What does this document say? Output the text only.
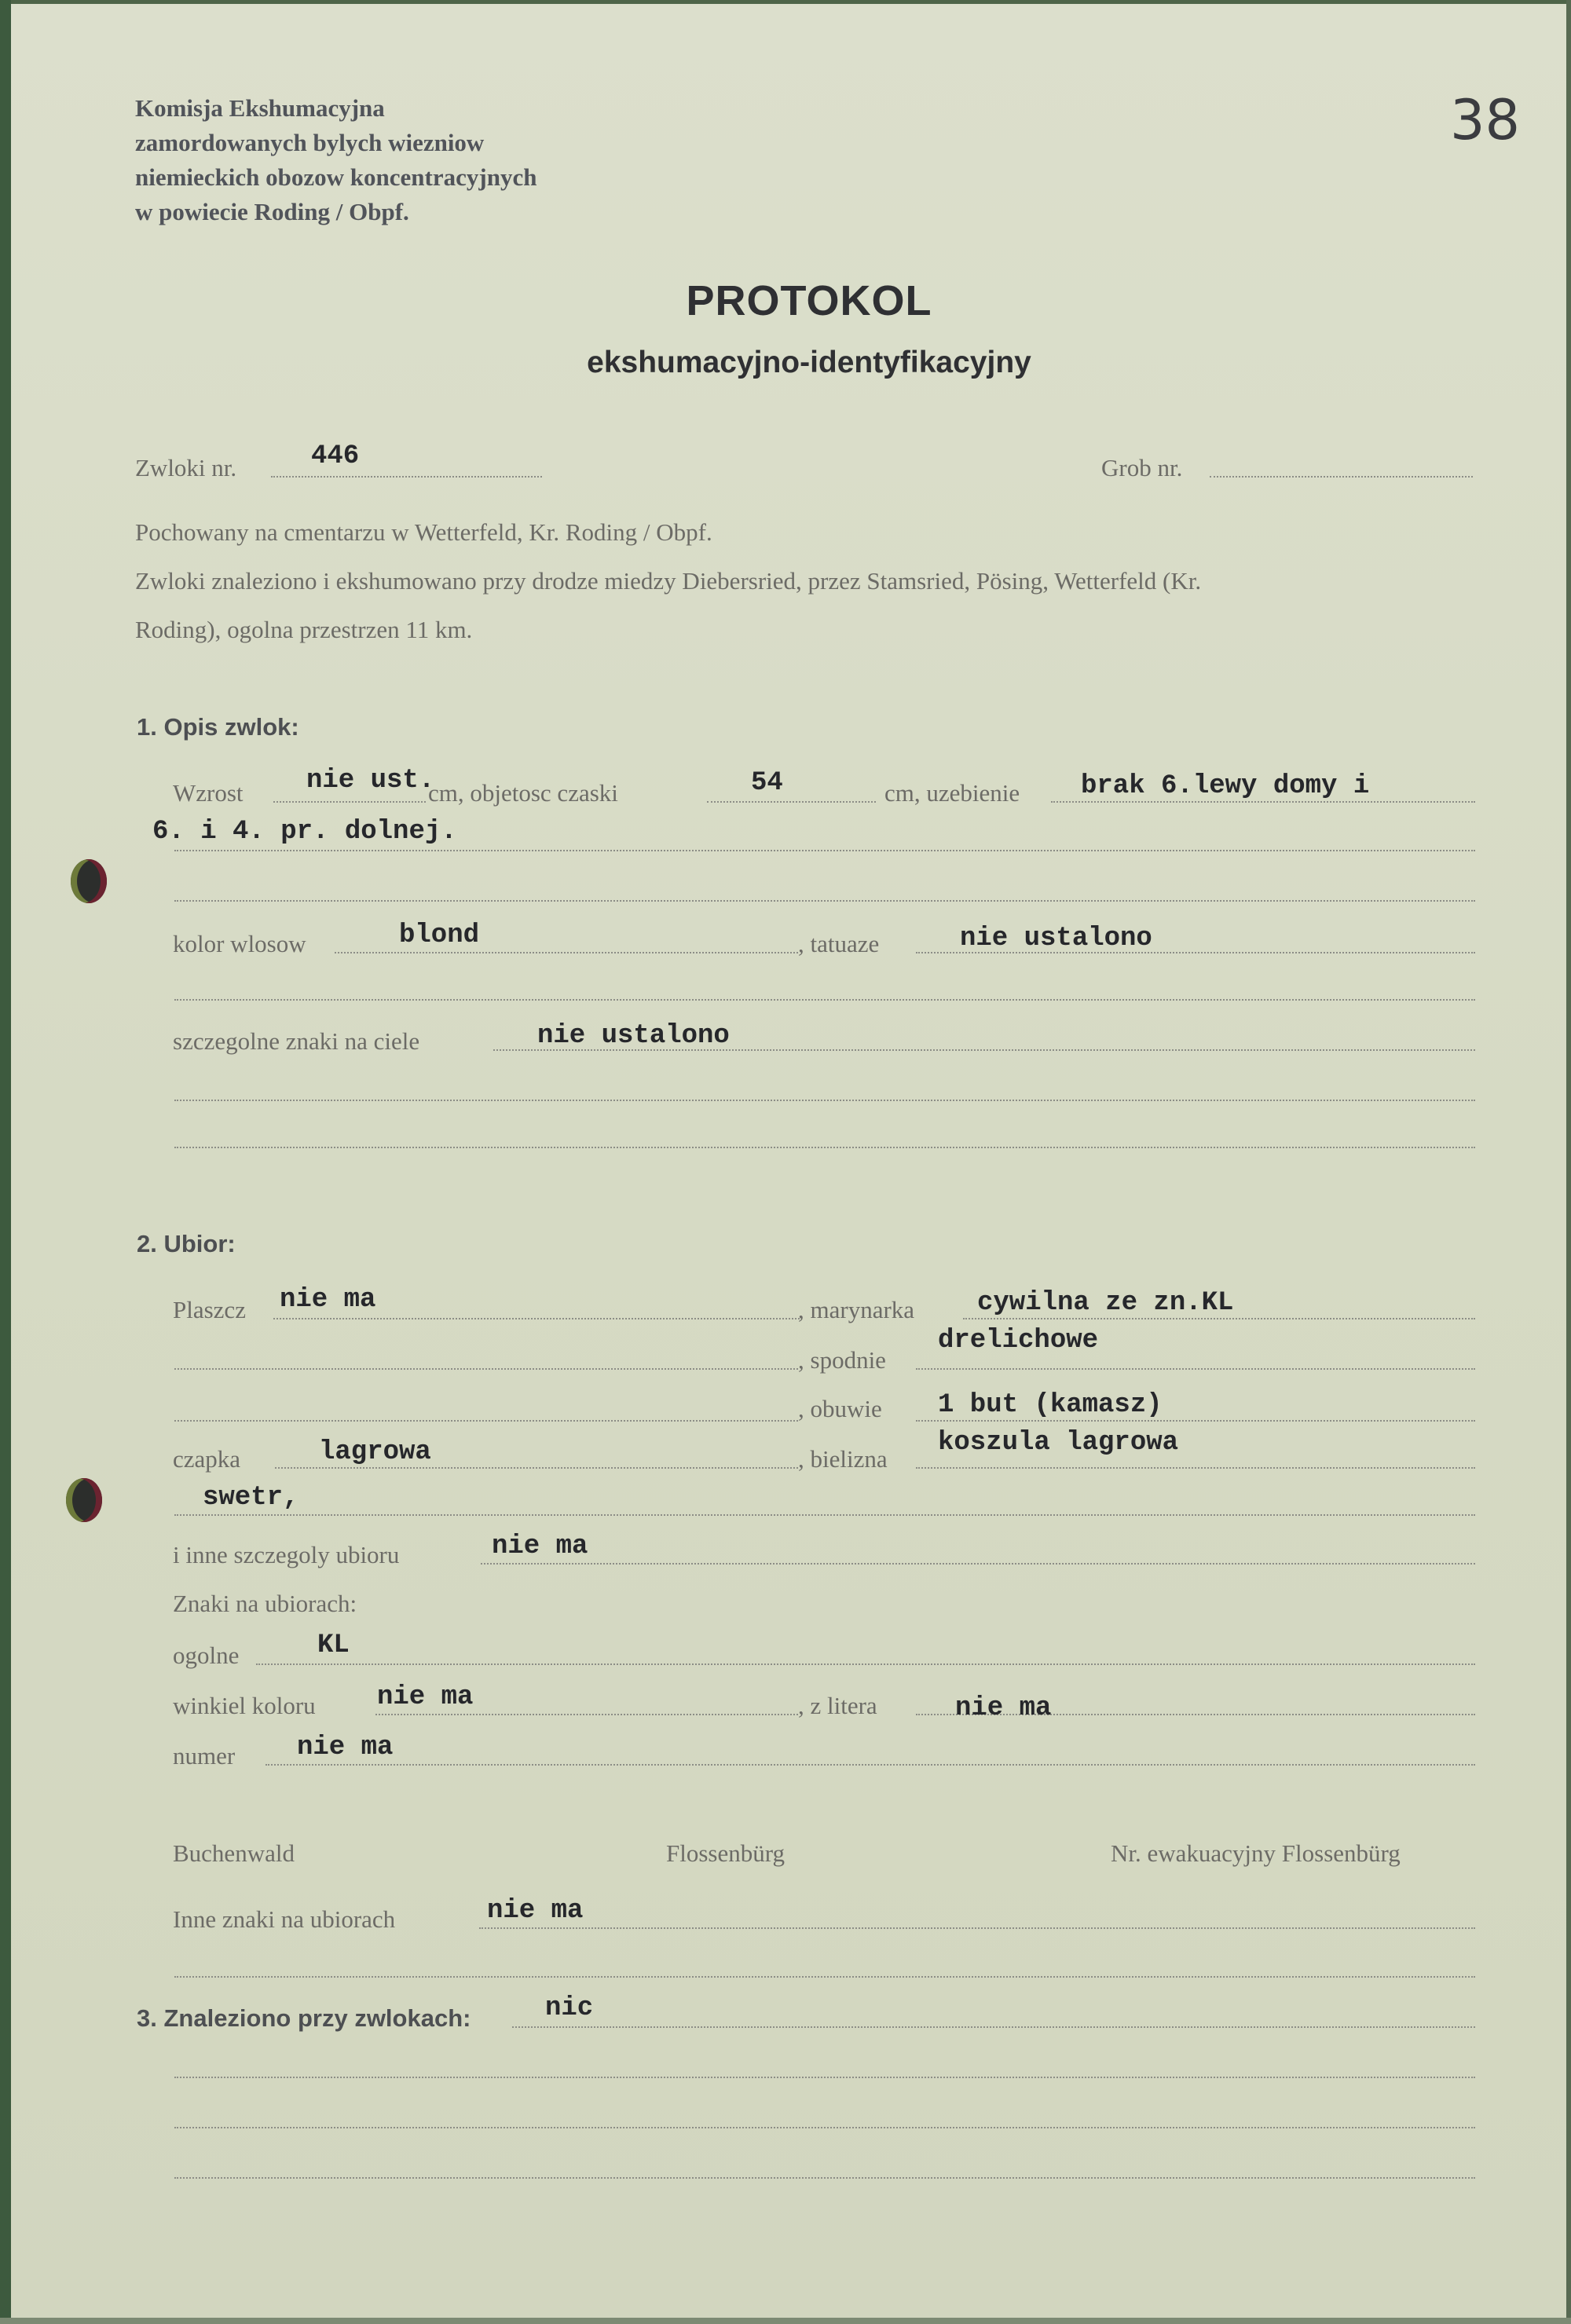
Komisja Ekshumacyjna
zamordowanych bylych wiezniow
niemieckich obozow koncentracyjnych
w powiecie Roding / Obpf.
38
PROTOKOL
ekshumacyjno-identyfikacyjny
Zwloki nr.	446	Grob nr.
Pochowany na cmentarzu w Wetterfeld, Kr. Roding / Obpf.
Zwloki znaleziono i ekshumowano przy drodze miedzy Diebersried, przez Stamsried, Pösing, Wetterfeld (Kr.
Roding), ogolna przestrzen 11 km.
1. Opis zwlok:
Wzrost nie ust.
cm, objetosc czaski	54	cm, uzebienie brak 6.lewy domy i
6. i 4. pr. dolnej.
kolor wlosow	blond	, tatuaze	nie ustalono
szczegolne znaki na ciele	nie ustalono
2. Ubior:
Plaszcz nie ma	, marynarka cywilna ze zn.KL
, spodnie
drelichowe
, obuwie 1 but (kamasz)
czapka	lagrowa	, bielizna
koszula lagrowa
swetr,
i inne szczegoly ubioru	nie ma
Znaki na ubiorach:
ogolne	KL
winkiel koloru nie ma	, z litera	nie ma
numer nie ma
Buchenwald	Flossenbürg	Nr. ewakuacyjny Flossenbürg
Inne znaki na ubiorach	nie ma
3. Znaleziono przy zwlokach:	nic
